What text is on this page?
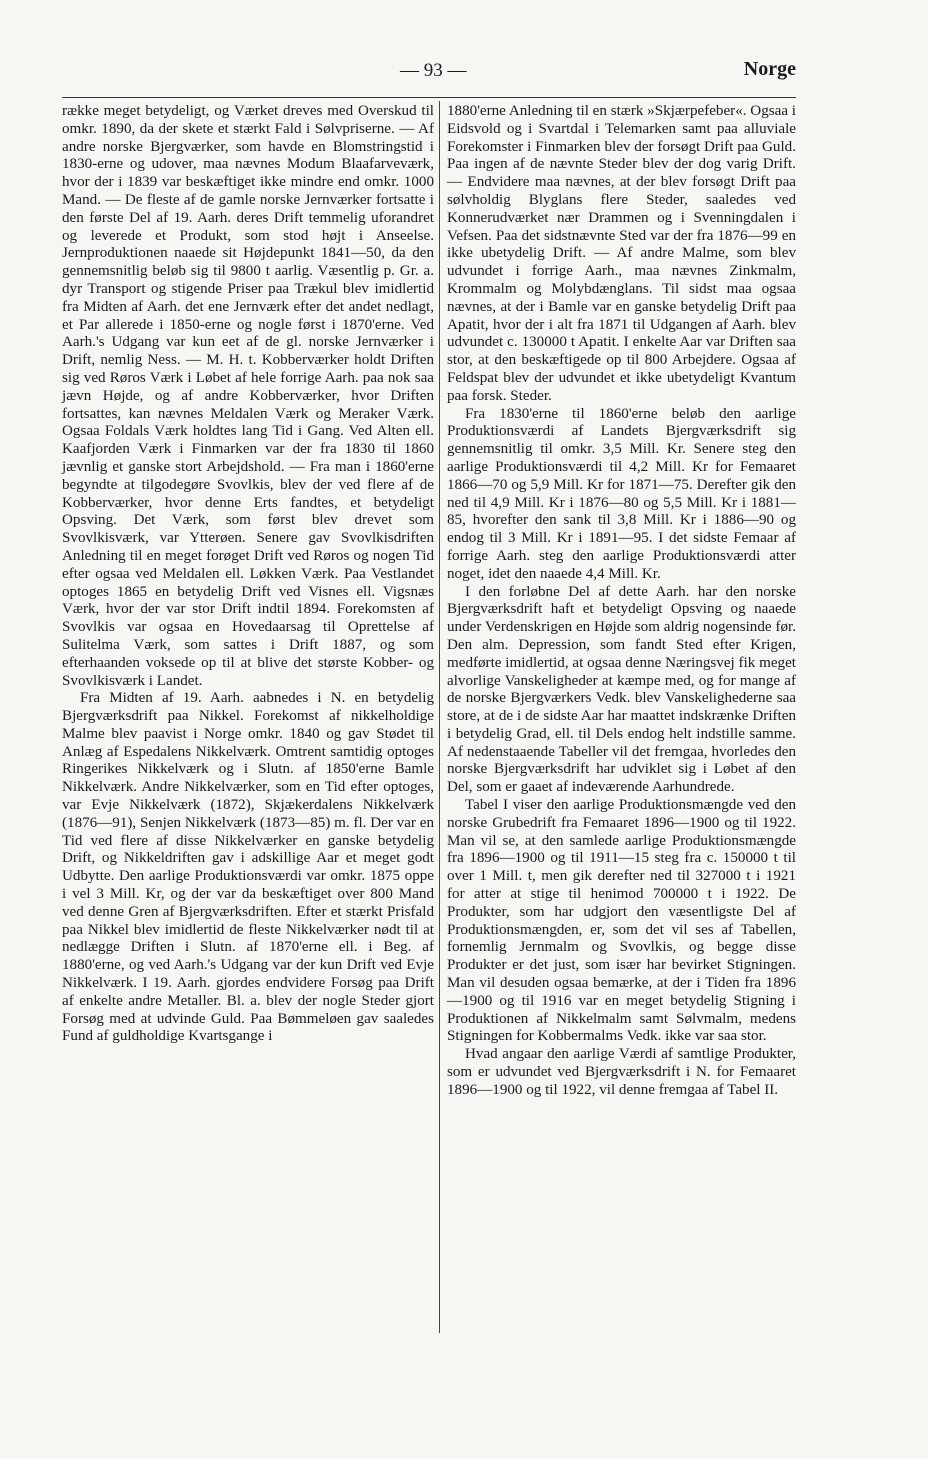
— 93 —	Norge

række meget betydeligt, og Værket dreves med Overskud til omkr. 1890, da der skete et stærkt Fald i Sølvpriserne. — Af andre norske Bjergværker, som havde en Blomstringstid i 1830-erne og udover, maa nævnes Modum Blaafarveværk, hvor der i 1839 var beskæftiget ikke mindre end omkr. 1000 Mand. — De fleste af de gamle norske Jernværker fortsatte i den første Del af 19. Aarh. deres Drift temmelig uforandret og leverede et Produkt, som stod højt i Anseelse. Jernproduktionen naaede sit Højdepunkt 1841—50, da den gennemsnitlig beløb sig til 9800 t aarlig. Væsentlig p. Gr. a. dyr Transport og stigende Priser paa Trækul blev imidlertid fra Midten af Aarh. det ene Jernværk efter det andet nedlagt, et Par allerede i 1850-erne og nogle først i 1870'erne. Ved Aarh.'s Udgang var kun eet af de gl. norske Jernværker i Drift, nemlig Ness. — M. H. t. Kobberværker holdt Driften sig ved Røros Værk i Løbet af hele forrige Aarh. paa nok saa jævn Højde, og af andre Kobberværker, hvor Driften fortsattes, kan nævnes Meldalen Værk og Meraker Værk. Ogsaa Foldals Værk holdtes lang Tid i Gang. Ved Alten ell. Kaafjorden Værk i Finmarken var der fra 1830 til 1860 jævnlig et ganske stort Arbejdshold. — Fra man i 1860'erne begyndte at tilgodegøre Svovlkis, blev der ved flere af de Kobberværker, hvor denne Erts fandtes, et betydeligt Opsving. Det Værk, som først blev drevet som Svovlkisværk, var Ytterøen. Senere gav Svovlkisdriften Anledning til en meget forøget Drift ved Røros og nogen Tid efter ogsaa ved Meldalen ell. Løkken Værk. Paa Vestlandet optoges 1865 en betydelig Drift ved Visnes ell. Vigsnæs Værk, hvor der var stor Drift indtil 1894. Forekomsten af Svovlkis var ogsaa en Hovedaarsag til Oprettelse af Sulitelma Værk, som sattes i Drift 1887, og som efterhaanden voksede op til at blive det største Kobber- og Svovlkisværk i Landet.

Fra Midten af 19. Aarh. aabnedes i N. en betydelig Bjergværksdrift paa Nikkel. Forekomst af nikkelholdige Malme blev paavist i Norge omkr. 1840 og gav Stødet til Anlæg af Espedalens Nikkelværk. Omtrent samtidig optoges Ringerikes Nikkelværk og i Slutn. af 1850'erne Bamle Nikkelværk. Andre Nikkelværker, som en Tid efter optoges, var Evje Nikkelværk (1872), Skjækerdalens Nikkelværk (1876—91), Senjen Nikkelværk (1873—85) m. fl. Der var en Tid ved flere af disse Nikkelværker en ganske betydelig Drift, og Nikkeldriften gav i adskillige Aar et meget godt Udbytte. Den aarlige Produktionsværdi var omkr. 1875 oppe i vel 3 Mill. Kr, og der var da beskæftiget over 800 Mand ved denne Gren af Bjergværksdriften. Efter et stærkt Prisfald paa Nikkel blev imidlertid de fleste Nikkelværker nødt til at nedlægge Driften i Slutn. af 1870'erne ell. i Beg. af 1880'erne, og ved Aarh.'s Udgang var der kun Drift ved Evje Nikkelværk. I 19. Aarh. gjordes endvidere Forsøg paa Drift af enkelte andre Metaller. Bl. a. blev der nogle Steder gjort Forsøg med at udvinde Guld. Paa Bømmeløen gav saaledes Fund af guldholdige Kvartsgange i

1880'erne Anledning til en stærk »Skjærpefeber«. Ogsaa i Eidsvold og i Svartdal i Telemarken samt paa alluviale Forekomster i Finmarken blev der forsøgt Drift paa Guld. Paa ingen af de nævnte Steder blev der dog varig Drift. — Endvidere maa nævnes, at der blev forsøgt Drift paa sølvholdig Blyglans flere Steder, saaledes ved Konnerudværket nær Drammen og i Svenningdalen i Vefsen. Paa det sidstnævnte Sted var der fra 1876—99 en ikke ubetydelig Drift. — Af andre Malme, som blev udvundet i forrige Aarh., maa nævnes Zinkmalm, Krommalm og Molybdænglans. Til sidst maa ogsaa nævnes, at der i Bamle var en ganske betydelig Drift paa Apatit, hvor der i alt fra 1871 til Udgangen af Aarh. blev udvundet c. 130000 t Apatit. I enkelte Aar var Driften saa stor, at den beskæftigede op til 800 Arbejdere. Ogsaa af Feldspat blev der udvundet et ikke ubetydeligt Kvantum paa forsk. Steder.

Fra 1830'erne til 1860'erne beløb den aarlige Produktionsværdi af Landets Bjergværksdrift sig gennemsnitlig til omkr. 3,5 Mill. Kr. Senere steg den aarlige Produktionsværdi til 4,2 Mill. Kr for Femaaret 1866—70 og 5,9 Mill. Kr for 1871—75. Derefter gik den ned til 4,9 Mill. Kr i 1876—80 og 5,5 Mill. Kr i 1881—85, hvorefter den sank til 3,8 Mill. Kr i 1886—90 og endog til 3 Mill. Kr i 1891—95. I det sidste Femaar af forrige Aarh. steg den aarlige Produktionsværdi atter noget, idet den naaede 4,4 Mill. Kr.

I den forløbne Del af dette Aarh. har den norske Bjergværksdrift haft et betydeligt Opsving og naaede under Verdenskrigen en Højde som aldrig nogensinde før. Den alm. Depression, som fandt Sted efter Krigen, medførte imidlertid, at ogsaa denne Næringsvej fik meget alvorlige Vanskeligheder at kæmpe med, og for mange af de norske Bjergværkers Vedk. blev Vanskelighederne saa store, at de i de sidste Aar har maattet indskrænke Driften i betydelig Grad, ell. til Dels endog helt indstille samme. Af nedenstaaende Tabeller vil det fremgaa, hvorledes den norske Bjergværksdrift har udviklet sig i Løbet af den Del, som er gaaet af indeværende Aarhundrede.

Tabel I viser den aarlige Produktionsmængde ved den norske Grubedrift fra Femaaret 1896—1900 og til 1922. Man vil se, at den samlede aarlige Produktionsmængde fra 1896—1900 og til 1911—15 steg fra c. 150000 t til over 1 Mill. t, men gik derefter ned til 327000 t i 1921 for atter at stige til henimod 700000 t i 1922. De Produkter, som har udgjort den væsentligste Del af Produktionsmængden, er, som det vil ses af Tabellen, fornemlig Jernmalm og Svovlkis, og begge disse Produkter er det just, som især har bevirket Stigningen. Man vil desuden ogsaa bemærke, at der i Tiden fra 1896—1900 og til 1916 var en meget betydelig Stigning i Produktionen af Nikkelmalm samt Sølvmalm, medens Stigningen for Kobbermalms Vedk. ikke var saa stor.

Hvad angaar den aarlige Værdi af samtlige Produkter, som er udvundet ved Bjergværksdrift i N. for Femaaret 1896—1900 og til 1922, vil denne fremgaa af Tabel II.
